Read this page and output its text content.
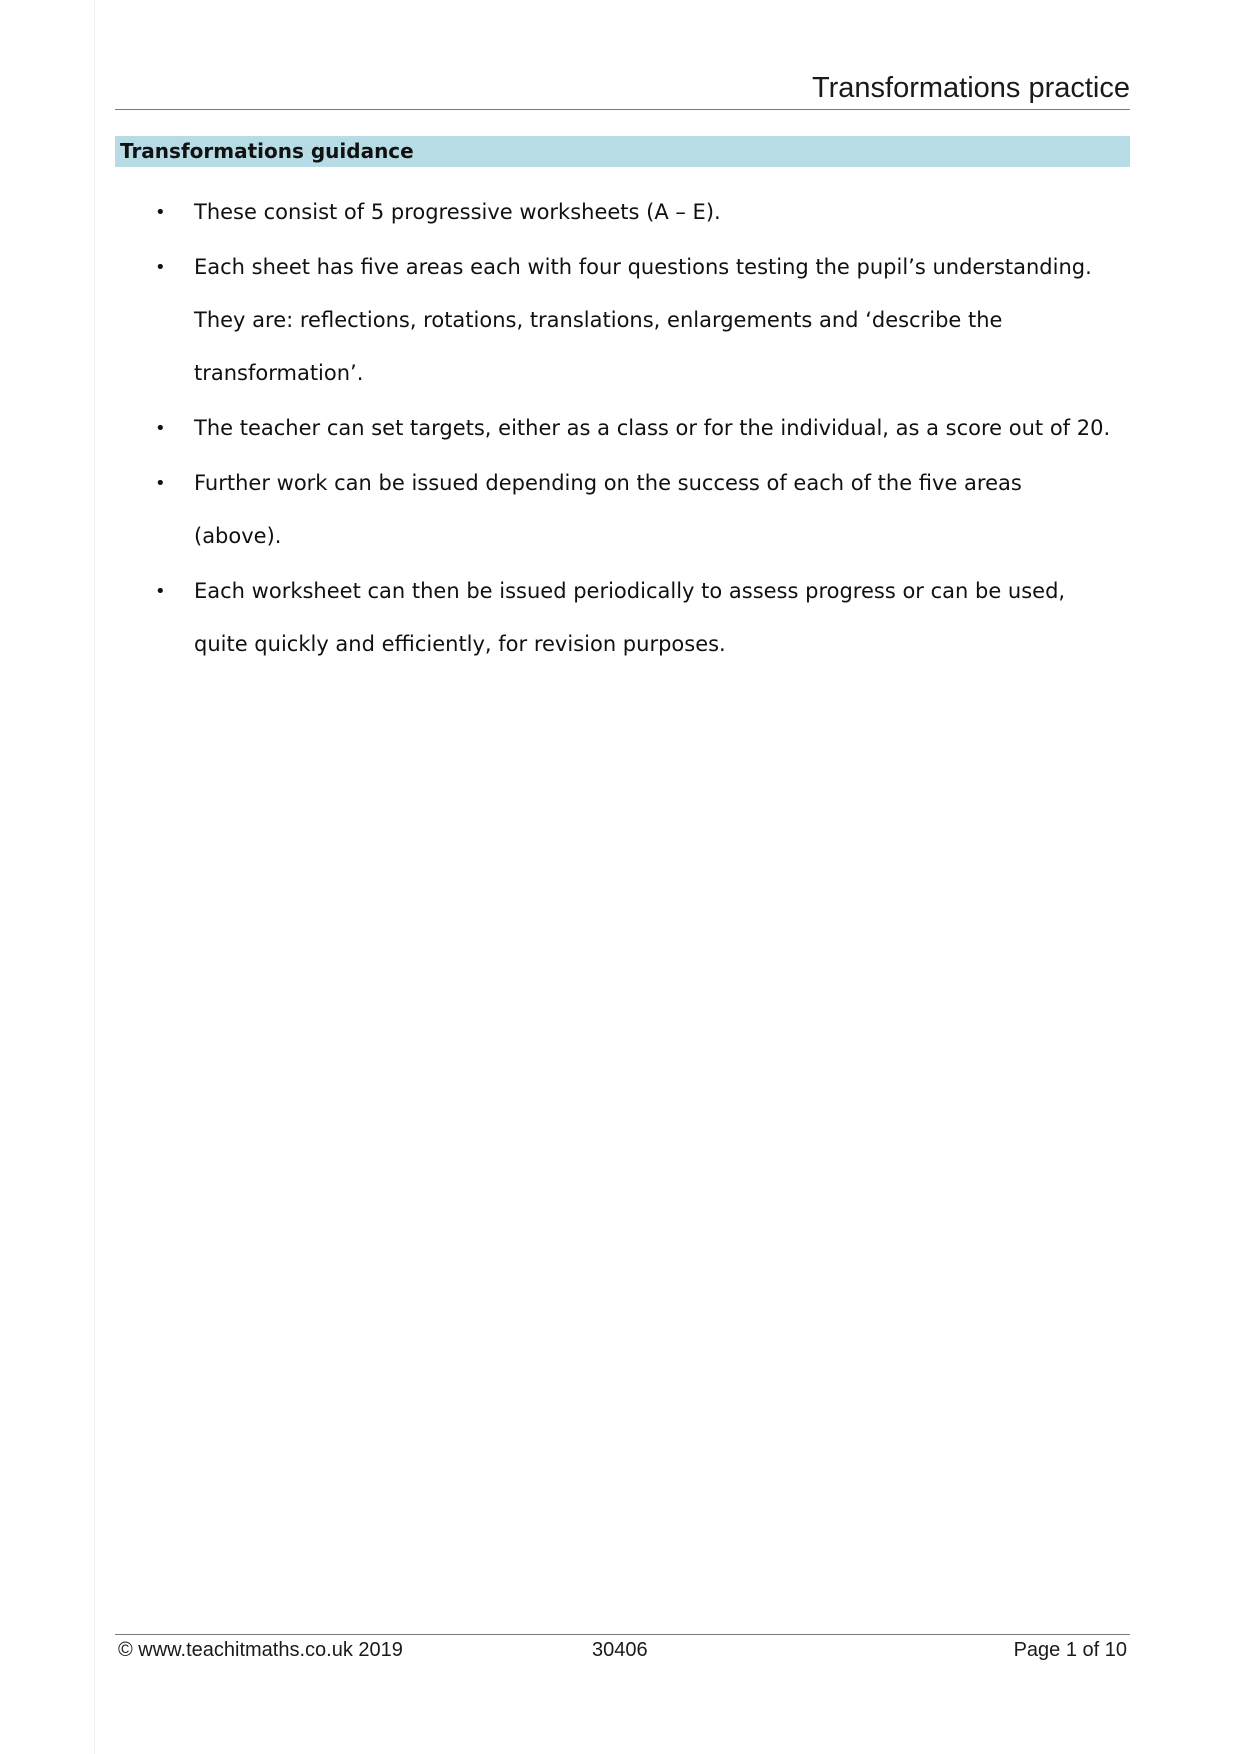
Transformations practice
Transformations guidance
• These consist of 5 progressive worksheets (A – E).
• Each sheet has five areas each with four questions testing the pupil’s understanding. They are: reflections, rotations, translations, enlargements and ‘describe the transformation’.
• The teacher can set targets, either as a class or for the individual, as a score out of 20.
• Further work can be issued depending on the success of each of the five areas (above).
• Each worksheet can then be issued periodically to assess progress or can be used, quite quickly and efficiently, for revision purposes.
© www.teachitmaths.co.uk 2019	30406	Page 1 of 10
